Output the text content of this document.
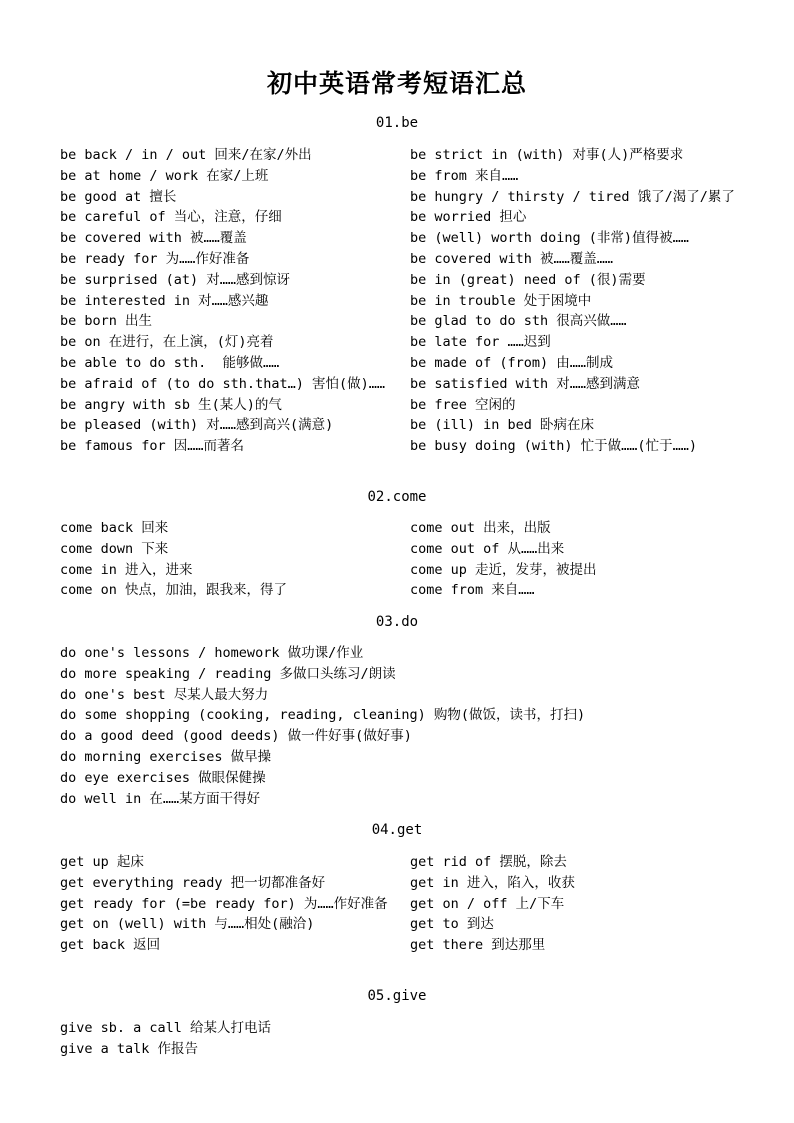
初中英语常考短语汇总
01.be
be back / in / out 回来/在家/外出
be at home / work 在家/上班
be good at 擅长
be careful of 当心，注意，仔细
be covered with 被……覆盖
be ready for 为……作好准备
be surprised (at) 对……感到惊讶
be interested in 对……感兴趣
be born 出生
be on 在进行，在上演，(灯)亮着
be able to do sth.  能够做……
be afraid of (to do sth.that…) 害怕(做)……
be angry with sb 生(某人)的气
be pleased (with) 对……感到高兴(满意)
be famous for 因……而著名
be strict in (with) 对事(人)严格要求
be from 来自……
be hungry / thirsty / tired 饿了/渴了/累了
be worried 担心
be (well) worth doing (非常)值得被……
be covered with 被……覆盖……
be in (great) need of (很)需要
be in trouble 处于困境中
be glad to do sth 很高兴做……
be late for ……迟到
be made of (from) 由……制成
be satisfied with 对……感到满意
be free 空闲的
be (ill) in bed 卧病在床
be busy doing (with) 忙于做……(忙于……)
02.come
come back 回来
come down 下来
come in 进入，进来
come on 快点，加油，跟我来，得了
come out 出来，出版
come out of 从……出来
come up 走近，发芽，被提出
come from 来自……
03.do
do one's lessons / homework 做功课/作业
do more speaking / reading 多做口头练习/朗读
do one's best 尽某人最大努力
do some shopping (cooking, reading, cleaning) 购物(做饭，读书，打扫)
do a good deed (good deeds) 做一件好事(做好事)
do morning exercises 做早操
do eye exercises 做眼保健操
do well in 在……某方面干得好
04.get
get up 起床
get everything ready 把一切都准备好
get ready for (=be ready for) 为……作好准备
get on (well) with 与……相处(融洽)
get back 返回
get rid of 摆脱，除去
get in 进入，陷入，收获
get on / off 上/下车
get to 到达
get there 到达那里
05.give
give sb. a call 给某人打电话
give a talk 作报告
